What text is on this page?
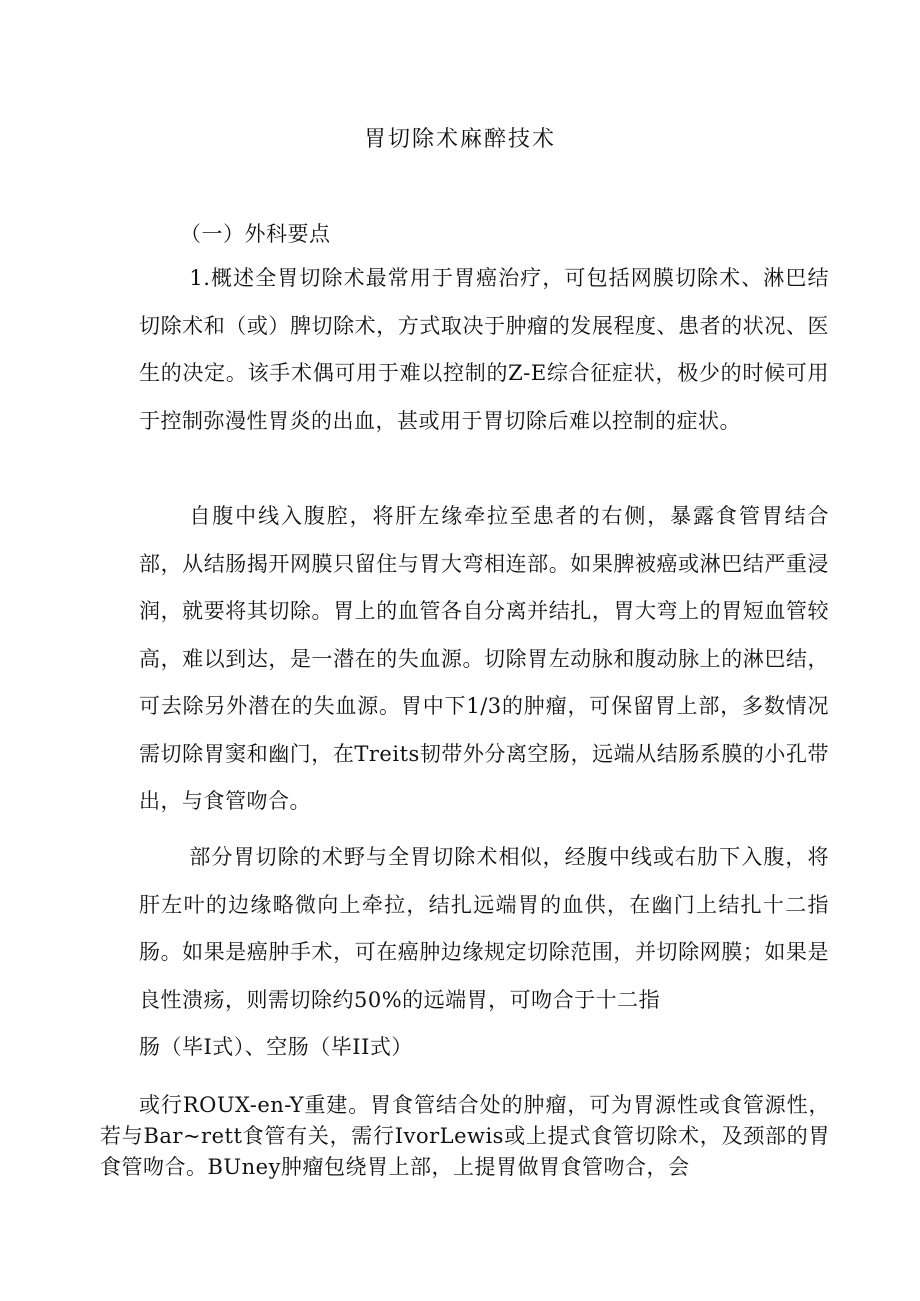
胃切除术麻醉技术
（一）外科要点
1.概述全胃切除术最常用于胃癌治疗，可包括网膜切除术、淋巴结切除术和（或）脾切除术，方式取决于肿瘤的发展程度、患者的状况、医生的决定。该手术偶可用于难以控制的Z-E综合征症状，极少的时候可用于控制弥漫性胃炎的出血，甚或用于胃切除后难以控制的症状。
自腹中线入腹腔，将肝左缘牵拉至患者的右侧，暴露食管胃结合部，从结肠揭开网膜只留住与胃大弯相连部。如果脾被癌或淋巴结严重浸润，就要将其切除。胃上的血管各自分离并结扎，胃大弯上的胃短血管较高，难以到达，是一潜在的失血源。切除胃左动脉和腹动脉上的淋巴结，可去除另外潜在的失血源。胃中下1/3的肿瘤，可保留胃上部，多数情况需切除胃窦和幽门，在Treits韧带外分离空肠，远端从结肠系膜的小孔带出，与食管吻合。
部分胃切除的术野与全胃切除术相似，经腹中线或右肋下入腹，将肝左叶的边缘略微向上牵拉，结扎远端胃的血供，在幽门上结扎十二指肠。如果是癌肿手术，可在癌肿边缘规定切除范围，并切除网膜；如果是良性溃疡，则需切除约50%的远端胃，可吻合于十二指
肠（毕Ⅰ式）、空肠（毕II式）
或行ROUX-en-Y重建。胃食管结合处的肿瘤，可为胃源性或食管源性，若与Bar~rett食管有关，需行IvorLewis或上提式食管切除术，及颈部的胃食管吻合。BUney肿瘤包绕胃上部，上提胃做胃食管吻合，会
